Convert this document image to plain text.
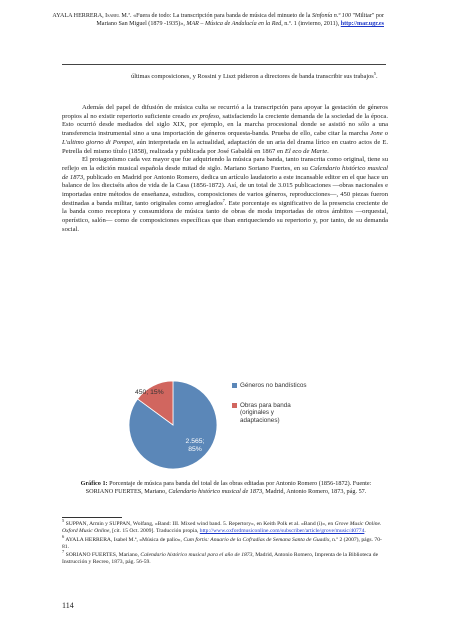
AYALA HERRERA, Isabel M.ª. «Fuera de todo: La transcripción para banda de música del minueto de la Sinfonía n.º 100 "Militar" por Mariano San Miguel (1879 -1935)», MAR – Música de Andalucía en la Red, n.º. 1 (invierno, 2011), http://mar.ugr.es
últimas composiciones, y Rossini y Liszt pidieron a directores de banda transcribir sus trabajos$^5$.

Además del papel de difusión de música culta se recurrió a la transcripción para apoyar la gestación de géneros propios al no existir repertorio suficiente creado ex profeso, satisfaciendo la creciente demanda de la sociedad de la época. Esto ocurrió desde mediados del siglo XIX, por ejemplo, en la marcha procesional donde se asistió no sólo a una transferencia instrumental sino a una importación de géneros orquesta-banda. Prueba de ello, cabe citar la marcha Jone o L'ultimo giorno di Pompei, aún interpretada en la actualidad, adaptación de un aria del drama lírico en cuatro actos de E. Petrella del mismo título (1858), realizada y publicada por José Gabaldá en 1867 en El eco de Marte.

El protagonismo cada vez mayor que fue adquiriendo la música para banda, tanto transcrita como original, tiene su reflejo en la edición musical española desde mitad de siglo. Mariano Soriano Fuertes, en su Calendario histórico musical de 1873, publicado en Madrid por Antonio Romero, dedica un artículo laudatorio a este incansable editor en el que hace un balance de los dieciséis años de vida de la Casa (1856-1872). Así, de un total de 3.015 publicaciones —obras nacionales e importadas entre métodos de enseñanza, estudios, composiciones de varios géneros, reproducciones—, 450 piezas fueron destinadas a banda militar, tanto originales como arreglados$^7$. Este porcentaje es significativo de la presencia creciente de la banda como receptora y consumidora de música tanto de obras de moda importadas de otros ámbitos —orquestal, operístico, salón— como de composiciones específicas que iban enriqueciendo su repertorio y, por tanto, de su demanda social.

2.565; 85%
450; 15%
Géneros no bandísticos
Obras para banda (originales y adaptaciones)
Gráfico 1: Porcentaje de música para banda del total de las obras editadas por Antonio Romero (1856-1872). Fuente: SORIANO FUERTES, Mariano, Calendario histórico musical de 1873, Madrid, Antonio Romero, 1873, pág. 57.

$^5$ SUPPAN, Armin y SUPPAN, Wolfang, «Band: III. Mixed wind band. 5. Repertory», en Keith Polk et al. «Band (i)», en Grove Music Online. Oxford Music Online, [cit. 15 Oct. 2009]. Traducción propia, http://www.oxfordmusiconline.com/subscriber/article/grove/music/40774.

$^6$ AYALA HERRERA, Isabel M.ª, «Música de palio», Cum fortis: Anuario de la Cofradías de Semana Santa de Guadix, n.º 2 (2007), págs. 70-81.

$^7$ SORIANO FUERTES, Mariano, Calendario histórico musical para el año de 1873, Madrid, Antonio Romero, Imprenta de la Biblioteca de Instrucción y Recreo, 1873, pág. 56-59.

114
